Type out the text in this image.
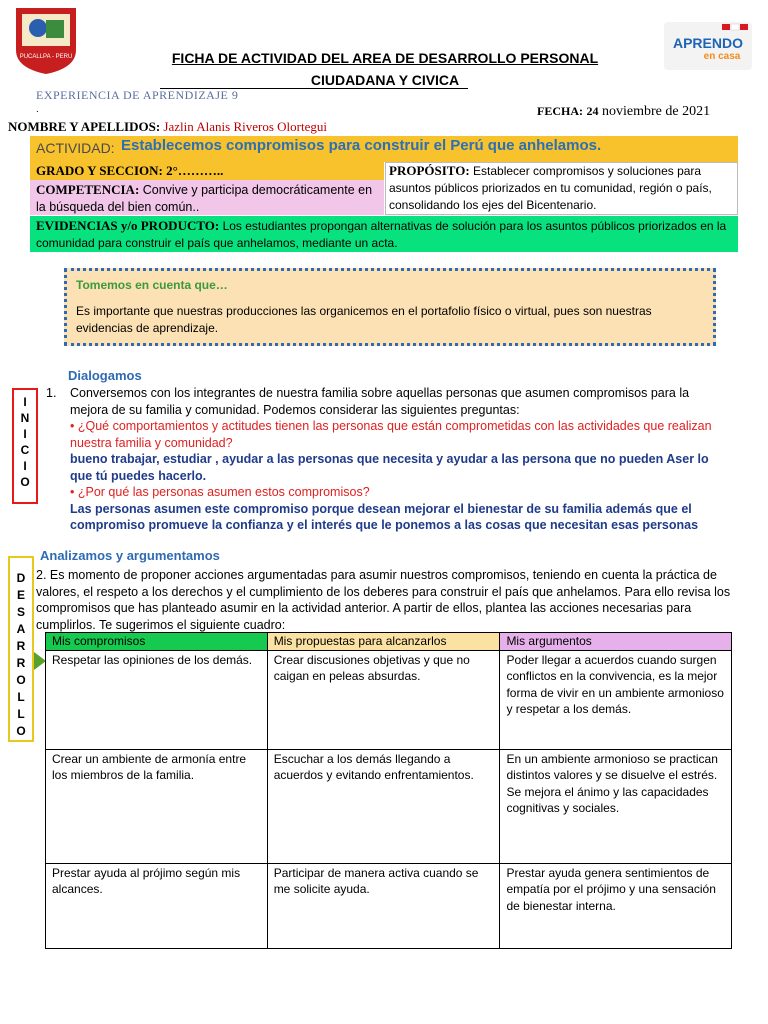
PUCALLPA - PERU
APRENDO
en casa
FICHA DE ACTIVIDAD DEL AREA DE DESARROLLO PERSONAL
CIUDADANA Y CIVICA
EXPERIENCIA DE APRENDIZAJE 9
.	FECHA: 24 noviembre de 2021
NOMBRE Y APELLIDOS: Jazlin Alanis Riveros Olortegui
ACTIVIDAD: Establecemos compromisos para construir el Perú que anhelamos.
GRADO Y SECCION: 2°………..
COMPETENCIA: Convive y participa democráticamente en la búsqueda del bien común..
PROPÓSITO: Establecer compromisos y soluciones para asuntos públicos priorizados en tu comunidad, región o país, consolidando los ejes del Bicentenario.
EVIDENCIAS y/o PRODUCTO: Los estudiantes propongan alternativas de solución para los asuntos públicos priorizados en la comunidad para construir el país que anhelamos, mediante un acta.
Tomemos en cuenta que…
Es importante que nuestras producciones las organicemos en el portafolio físico o virtual, pues son nuestras evidencias de aprendizaje.
I
N
I
C
I
O
Dialogamos
1.	Conversemos con los integrantes de nuestra familia sobre aquellas personas que asumen compromisos para la mejora de su familia y comunidad. Podemos considerar las siguientes preguntas:
• ¿Qué comportamientos y actitudes tienen las personas que están comprometidas con las actividades que realizan nuestra familia y comunidad?
bueno trabajar, estudiar , ayudar a las personas que necesita y ayudar a las persona que no pueden Aser lo que tú puedes hacerlo.
• ¿Por qué las personas asumen estos compromisos?
Las personas asumen este compromiso porque desean mejorar el bienestar de su familia además que el compromiso promueve la confianza y el interés que le ponemos a las cosas que necesitan esas personas
D
E
S
A
R
R
O
L
L
O
Analizamos y argumentamos
2. Es momento de proponer acciones argumentadas para asumir nuestros compromisos, teniendo en cuenta la práctica de valores, el respeto a los derechos y el cumplimiento de los deberes para construir el país que anhelamos. Para ello revisa los compromisos que has planteado asumir en la actividad anterior. A partir de ellos, plantea las acciones necesarias para cumplirlos. Te sugerimos el siguiente cuadro:
Mis compromisos	Mis propuestas para alcanzarlos	Mis argumentos
Respetar las opiniones de los demás.	Crear discusiones objetivas y que no caigan en peleas absurdas.	Poder llegar a acuerdos cuando surgen conflictos en la convivencia, es la mejor forma de vivir en un ambiente armonioso y respetar a los demás.
Crear un ambiente de armonía entre los miembros de la familia.	Escuchar a los demás llegando a acuerdos y evitando enfrentamientos.	En un ambiente armonioso se practican distintos valores y se disuelve el estrés. Se mejora el ánimo y las capacidades cognitivas y sociales.
Prestar ayuda al prójimo según mis alcances.	Participar de manera activa cuando se me solicite ayuda.	Prestar ayuda genera sentimientos de empatía por el prójimo y una sensación de bienestar interna.
